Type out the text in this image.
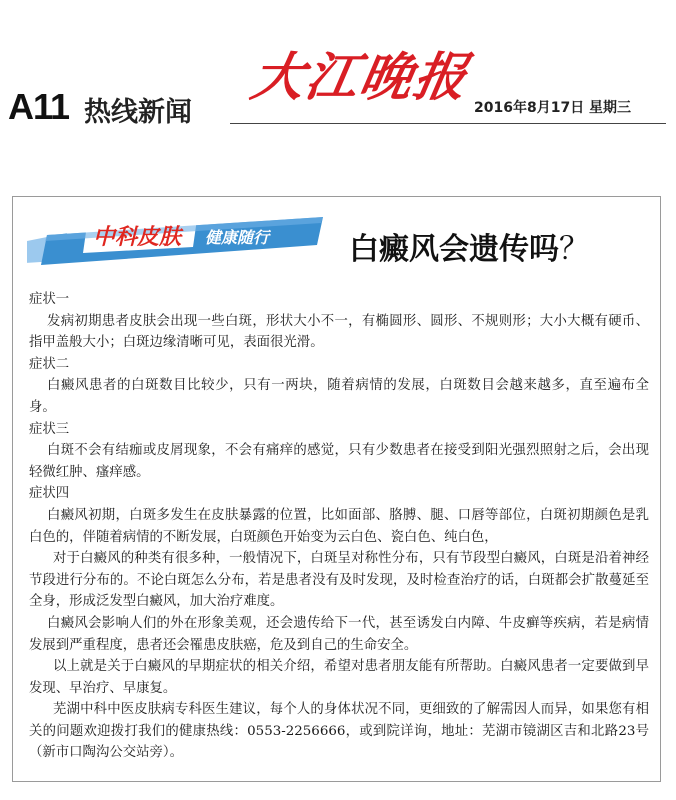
A11 热线新闻
大江晚报 2016年8月17日 星期三
中科皮肤 健康随行	白癜风会遗传吗？

症状一

发病初期患者皮肤会出现一些白斑，形状大小不一，有椭圆形、圆形、不规则形；大小大概有硬币、指甲盖般大小；白斑边缘清晰可见，表面很光滑。

症状二

白癜风患者的白斑数目比较少，只有一两块，随着病情的发展，白斑数目会越来越多，直至遍布全身。

症状三

白斑不会有结痂或皮屑现象，不会有痛痒的感觉，只有少数患者在接受到阳光强烈照射之后，会出现轻微红肿、瘙痒感。

症状四

白癜风初期，白斑多发生在皮肤暴露的位置，比如面部、胳膊、腿、口唇等部位，白斑初期颜色是乳白色的，伴随着病情的不断发展，白斑颜色开始变为云白色、瓷白色、纯白色，

对于白癜风的种类有很多种，一般情况下，白斑呈对称性分布，只有节段型白癜风，白斑是沿着神经节段进行分布的。不论白斑怎么分布，若是患者没有及时发现，及时检查治疗的话，白斑都会扩散蔓延至全身，形成泛发型白癜风，加大治疗难度。

白癜风会影响人们的外在形象美观，还会遗传给下一代，甚至诱发白内障、牛皮癣等疾病，若是病情发展到严重程度，患者还会罹患皮肤癌，危及到自己的生命安全。

以上就是关于白癜风的早期症状的相关介绍，希望对患者朋友能有所帮助。白癜风患者一定要做到早发现、早治疗、早康复。

芜湖中科中医皮肤病专科医生建议，每个人的身体状况不同，更细致的了解需因人而异，如果您有相关的问题欢迎拨打我们的健康热线：0553-2256666，或到院详询，地址：芜湖市镜湖区吉和北路23号（新市口陶沟公交站旁）。
